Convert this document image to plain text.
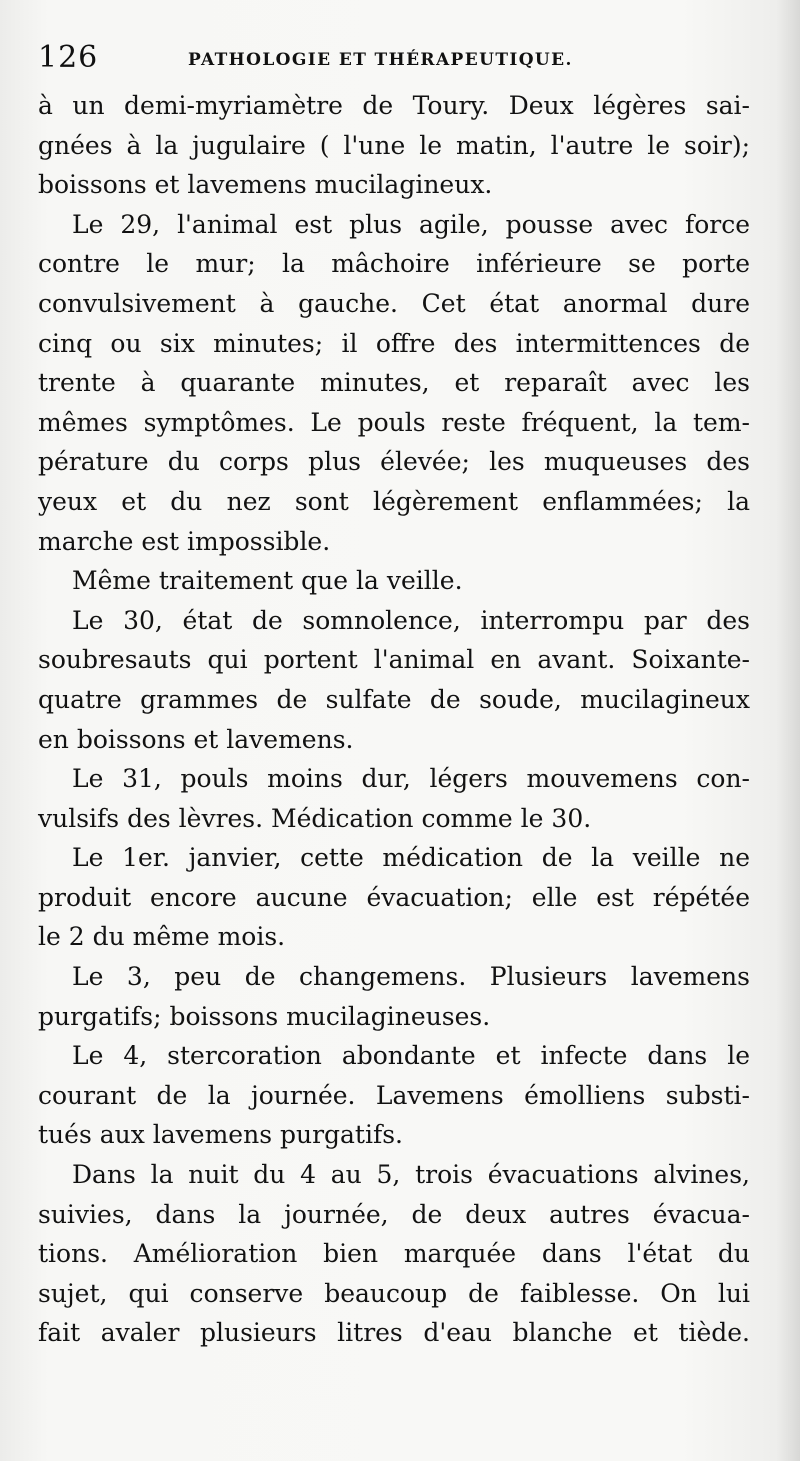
126	PATHOLOGIE ET THÉRAPEUTIQUE.
à un demi-myriamètre de Toury. Deux légères sai-
gnées à la jugulaire ( l'une le matin, l'autre le soir);
boissons et lavemens mucilagineux.
Le 29, l'animal est plus agile, pousse avec force
contre le mur; la mâchoire inférieure se porte
convulsivement à gauche. Cet état anormal dure
cinq ou six minutes; il offre des intermittences de
trente à quarante minutes, et reparaît avec les
mêmes symptômes. Le pouls reste fréquent, la tem-
pérature du corps plus élevée; les muqueuses des
yeux et du nez sont légèrement enflammées; la
marche est impossible.
Même traitement que la veille.
Le 30, état de somnolence, interrompu par des
soubresauts qui portent l'animal en avant. Soixante-
quatre grammes de sulfate de soude, mucilagineux
en boissons et lavemens.
Le 31, pouls moins dur, légers mouvemens con-
vulsifs des lèvres. Médication comme le 30.
Le 1er. janvier, cette médication de la veille ne
produit encore aucune évacuation; elle est répétée
le 2 du même mois.
Le 3, peu de changemens. Plusieurs lavemens
purgatifs; boissons mucilagineuses.
Le 4, stercoration abondante et infecte dans le
courant de la journée. Lavemens émolliens substi-
tués aux lavemens purgatifs.
Dans la nuit du 4 au 5, trois évacuations alvines,
suivies, dans la journée, de deux autres évacua-
tions. Amélioration bien marquée dans l'état du
sujet, qui conserve beaucoup de faiblesse. On lui
fait avaler plusieurs litres d'eau blanche et tiède.
